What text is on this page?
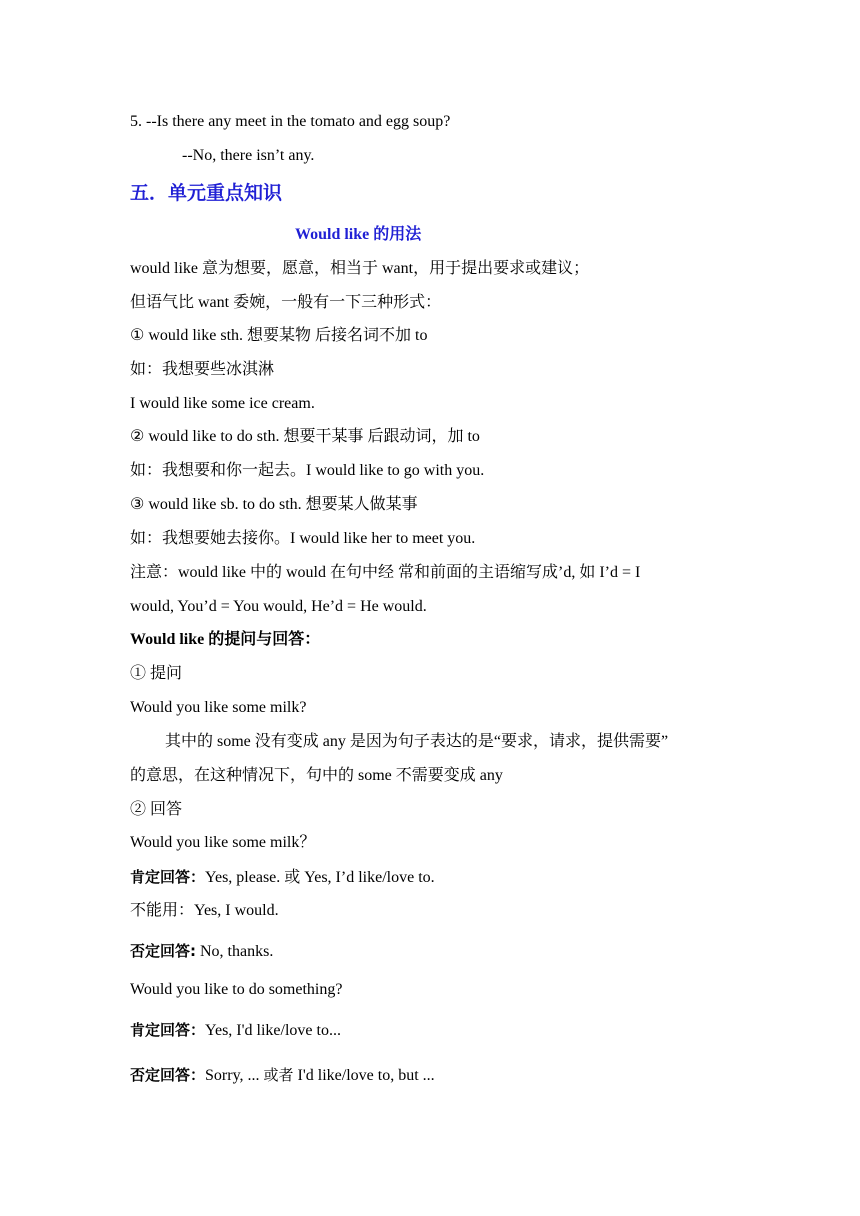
5. --Is there any meet in the tomato and egg soup?
--No, there isn’t any.
五．单元重点知识
Would like 的用法
would like 意为想要，愿意，相当于 want，用于提出要求或建议；
但语气比 want 委婉，一般有一下三种形式：
① would like sth. 想要某物 后接名词不加 to
如：我想要些冰淇淋
I would like some ice cream.
② would like to do sth. 想要干某事 后跟动词，加 to
如：我想要和你一起去。I would like to go with you.
③ would like sb. to do sth. 想要某人做某事
如：我想要她去接你。I would like her to meet you.
注意：would like 中的 would 在句中经 常和前面的主语缩写成’d, 如 I’d = I
would, You’d = You would, He’d = He would.
Would like 的提问与回答：
① 提问
Would you like some milk?
其中的 some 没有变成 any 是因为句子表达的是“要求，请求，提供需要”
的意思，在这种情况下，句中的 some 不需要变成 any
② 回答
Would you like some milk？
肯定回答：Yes, please. 或 Yes, I’d like/love to.
不能用：Yes, I would.
否定回答: No, thanks.
Would you like to do something?
肯定回答：Yes, I'd like/love to...
否定回答：Sorry, ... 或者 I'd like/love to, but ...
